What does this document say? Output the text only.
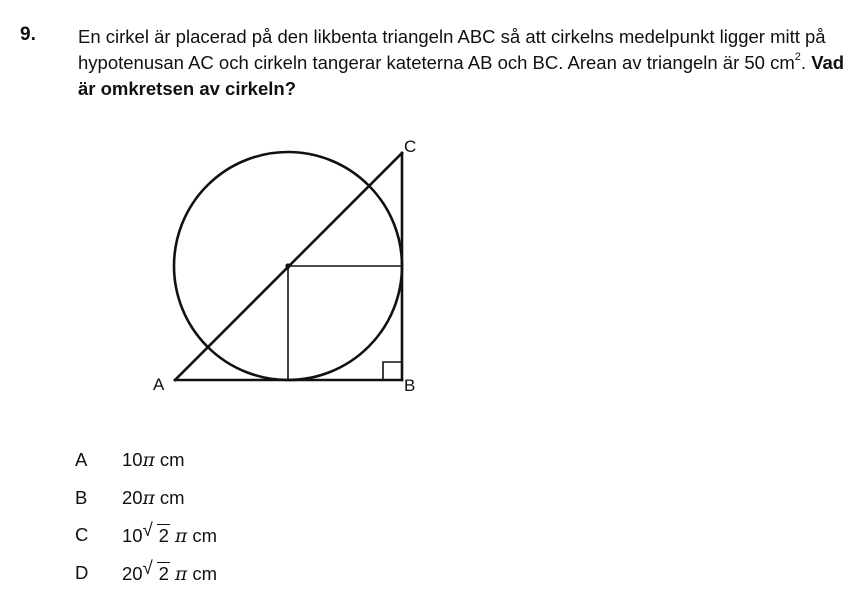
9. En cirkel är placerad på den likbenta triangeln ABC så att cirkelns medelpunkt ligger mitt på hypotenusan AC och cirkeln tangerar kateterna AB och BC. Arean av triangeln är 50 $cm^2$. Vad är omkretsen av cirkeln?
A	B
C
A 10π cm
B 20π cm
C 10 √ 2 π cm
D 20 √ 2 π cm
